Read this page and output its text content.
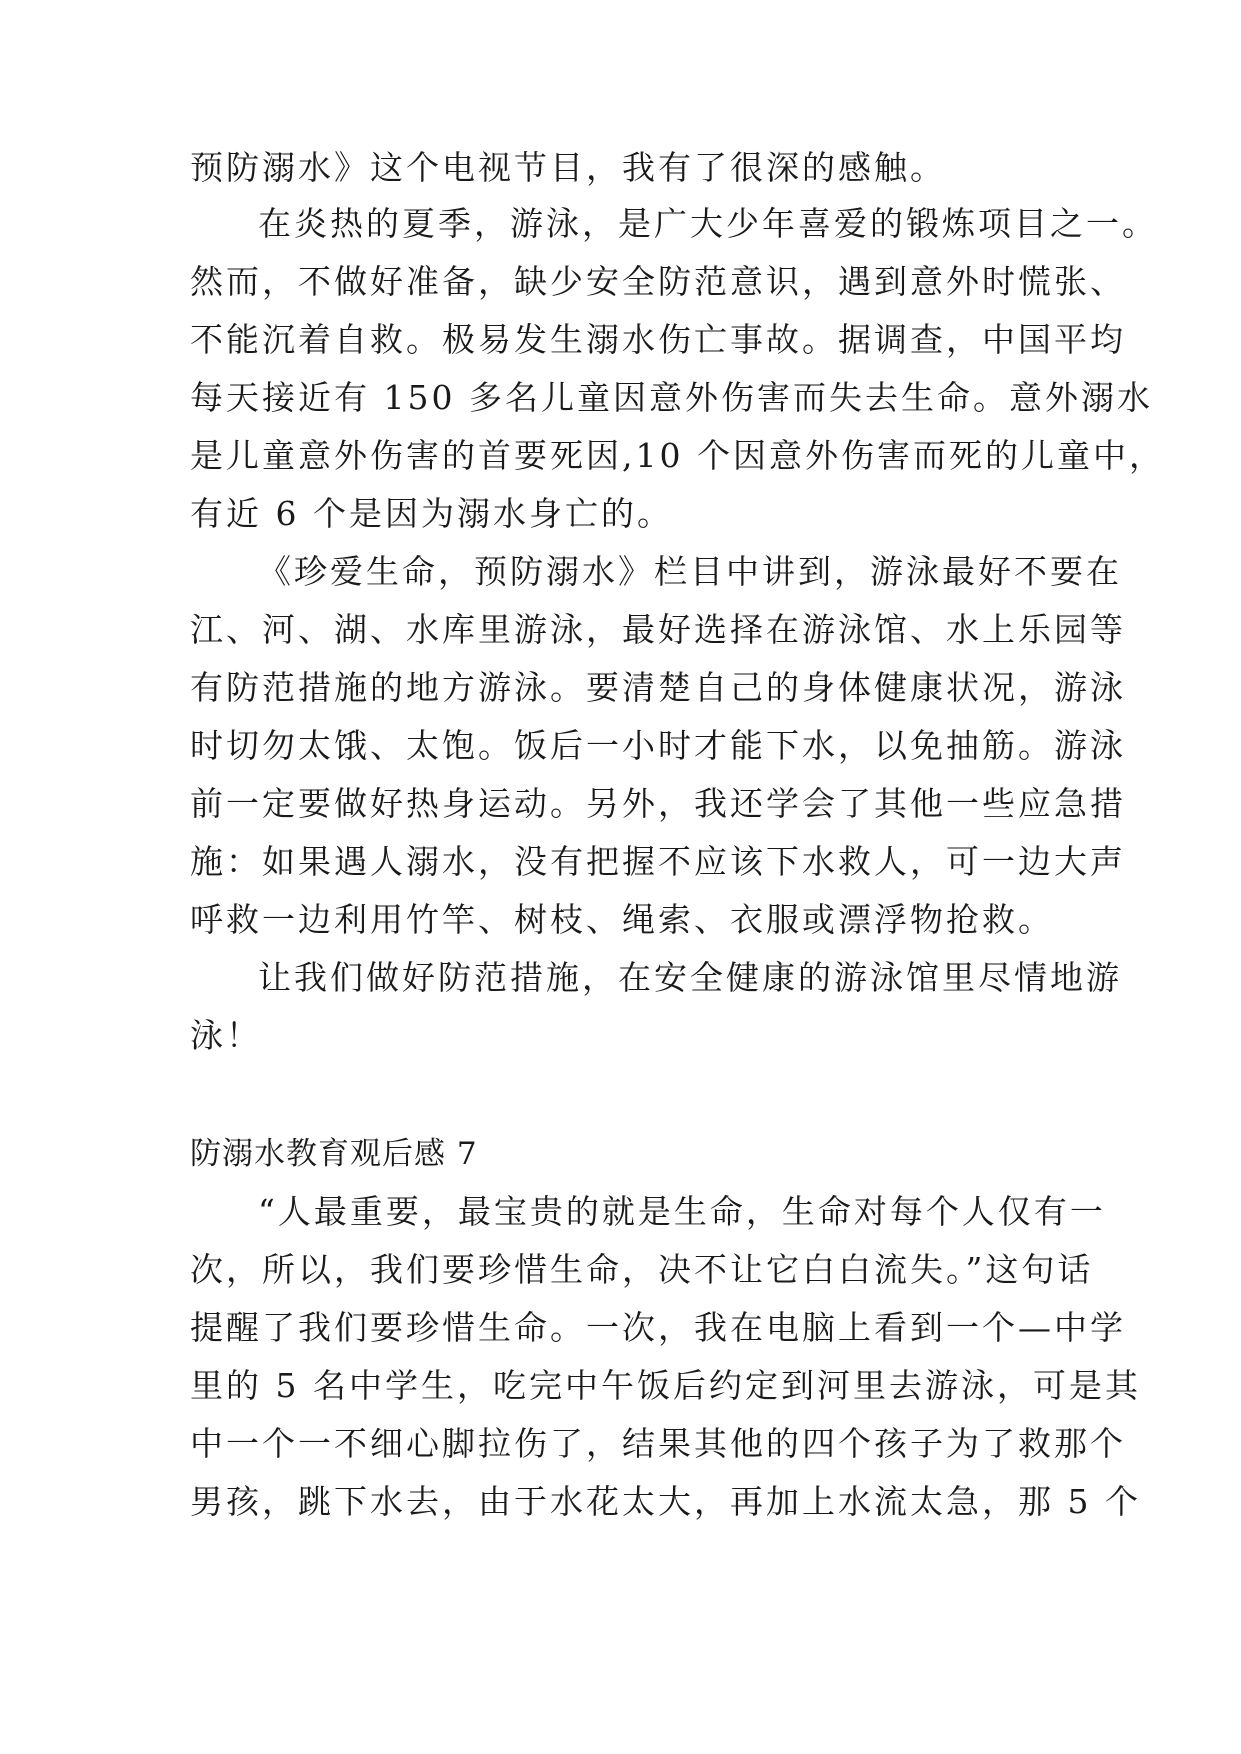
预防溺水》这个电视节目，我有了很深的感触。
在炎热的夏季，游泳，是广大少年喜爱的锻炼项目之一。
然而，不做好准备，缺少安全防范意识，遇到意外时慌张、
不能沉着自救。极易发生溺水伤亡事故。据调查，中国平均
每天接近有 150 多名儿童因意外伤害而失去生命。意外溺水
是儿童意外伤害的首要死因,10 个因意外伤害而死的儿童中，
有近 6 个是因为溺水身亡的。
《珍爱生命，预防溺水》栏目中讲到，游泳最好不要在
江、河、湖、水库里游泳，最好选择在游泳馆、水上乐园等
有防范措施的地方游泳。要清楚自己的身体健康状况，游泳
时切勿太饿、太饱。饭后一小时才能下水，以免抽筋。游泳
前一定要做好热身运动。另外，我还学会了其他一些应急措
施：如果遇人溺水，没有把握不应该下水救人，可一边大声
呼救一边利用竹竿、树枝、绳索、衣服或漂浮物抢救。
让我们做好防范措施，在安全健康的游泳馆里尽情地游
泳！
防溺水教育观后感 7
“人最重要，最宝贵的就是生命，生命对每个人仅有一
次，所以，我们要珍惜生命，决不让它白白流失。”这句话
提醒了我们要珍惜生命。一次，我在电脑上看到一个—中学
里的 5 名中学生，吃完中午饭后约定到河里去游泳，可是其
中一个一不细心脚拉伤了，结果其他的四个孩子为了救那个
男孩，跳下水去，由于水花太大，再加上水流太急，那 5 个
